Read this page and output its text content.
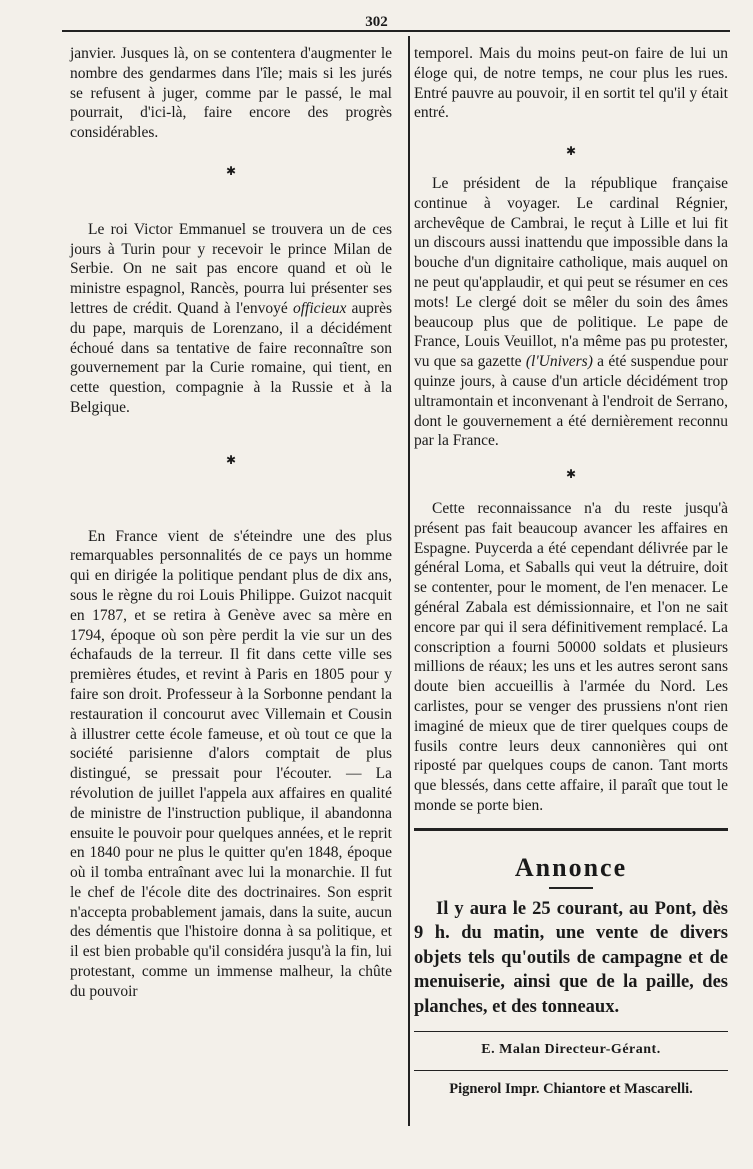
302

janvier. Jusques là, on se contentera d'augmenter le nombre des gendarmes dans l'île; mais si les jurés se refusent à juger, comme par le passé, le mal pourrait, d'ici-là, faire encore des progrès considérables.

✱

Le roi Victor Emmanuel se trouvera un de ces jours à Turin pour y recevoir le prince Milan de Serbie. On ne sait pas encore quand et où le ministre espagnol, Rancès, pourra lui présenter ses lettres de crédit. Quand à l'envoyé officieux auprès du pape, marquis de Lorenzano, il a décidément échoué dans sa tentative de faire reconnaître son gouvernement par la Curie romaine, qui tient, en cette question, compagnie à la Russie et à la Belgique.

✱

En France vient de s'éteindre une des plus remarquables personnalités de ce pays un homme qui en dirigée la politique pendant plus de dix ans, sous le règne du roi Louis Philippe. Guizot nacquit en 1787, et se retira à Genève avec sa mère en 1794, époque où son père perdit la vie sur un des échafauds de la terreur. Il fit dans cette ville ses premières études, et revint à Paris en 1805 pour y faire son droit. Professeur à la Sorbonne pendant la restauration il concourut avec Villemain et Cousin à illustrer cette école fameuse, et où tout ce que la société parisienne d'alors comptait de plus distingué, se pressait pour l'écouter. — La révolution de juillet l'appela aux affaires en qualité de ministre de l'instruction publique, il abandonna ensuite le pouvoir pour quelques années, et le reprit en 1840 pour ne plus le quitter qu'en 1848, époque où il tomba entraînant avec lui la monarchie. Il fut le chef de l'école dite des doctrinaires. Son esprit n'accepta probablement jamais, dans la suite, aucun des démentis que l'histoire donna à sa politique, et il est bien probable qu'il considéra jusqu'à la fin, lui protestant, comme un immense malheur, la chûte du pouvoir

temporel. Mais du moins peut-on faire de lui un éloge qui, de notre temps, ne cour plus les rues. Entré pauvre au pouvoir, il en sortit tel qu'il y était entré.

✱

Le président de la république française continue à voyager. Le cardinal Régnier, archevêque de Cambrai, le reçut à Lille et lui fit un discours aussi inattendu que impossible dans la bouche d'un dignitaire catholique, mais auquel on ne peut qu'applaudir, et qui peut se résumer en ces mots! Le clergé doit se mêler du soin des âmes beaucoup plus que de politique. Le pape de France, Louis Veuillot, n'a même pas pu protester, vu que sa gazette (l'Univers) a été suspendue pour quinze jours, à cause d'un article décidément trop ultramontain et inconvenant à l'endroit de Serrano, dont le gouvernement a été dernièrement reconnu par la France.

✱

Cette reconnaissance n'a du reste jusqu'à présent pas fait beaucoup avancer les affaires en Espagne. Puycerda a été cependant délivrée par le général Loma, et Saballs qui veut la détruire, doit se contenter, pour le moment, de l'en menacer. Le général Zabala est démissionnaire, et l'on ne sait encore par qui il sera définitivement remplacé. La conscription a fourni 50000 soldats et plusieurs millions de réaux; les uns et les autres seront sans doute bien accueillis à l'armée du Nord. Les carlistes, pour se venger des prussiens n'ont rien imaginé de mieux que de tirer quelques coups de fusils contre leurs deux cannonières qui ont riposté par quelques coups de canon. Tant morts que blessés, dans cette affaire, il paraît que tout le monde se porte bien.

Annonce

Il y aura le 25 courant, au Pont, dès 9 h. du matin, une vente de divers objets tels qu'outils de campagne et de menuiserie, ainsi que de la paille, des planches, et des tonneaux.

E. Malan Directeur-Gérant.
Pignerol Impr. Chiantore et Mascarelli.
